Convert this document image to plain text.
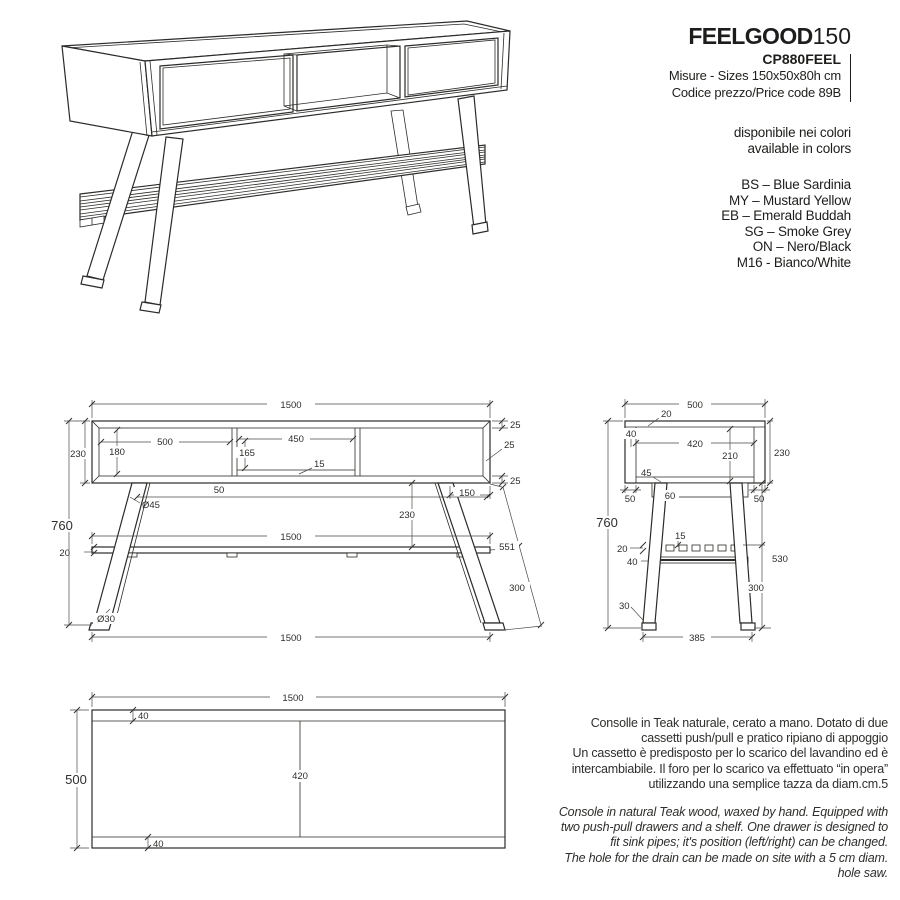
FEELGOOD150
CP880FEEL
Misure - Sizes 150x50x80h cm
Codice prezzo/Price code 89B
disponibile nei colori
available in colors
BS – Blue Sardinia
MY – Mustard Yellow
EB – Emerald Buddah
SG – Smoke Grey
ON – Nero/Black
M16 - Bianco/White
1500
230 180
500	450
165
15
25
25
25
150
50
Ø45
230
1500
20
760
551
300
Ø30
1500
500
20
40
420
210	230
45
50	60	50
760
15
20
40	530
300
30
385
1500
500
40
420
40
Consolle in Teak naturale, cerato a mano. Dotato di due
cassetti push/pull e pratico ripiano di appoggio
Un cassetto è predisposto per lo scarico del lavandino ed è
intercambiabile. Il foro per lo scarico va effettuato “in opera”
utilizzando una semplice tazza da diam.cm.5
Console in natural Teak wood, waxed by hand. Equipped with
two push-pull drawers and a shelf. One drawer is designed to
fit sink pipes; it's position (left/right) can be changed.
The hole for the drain can be made on site with a 5 cm diam.
hole saw.
